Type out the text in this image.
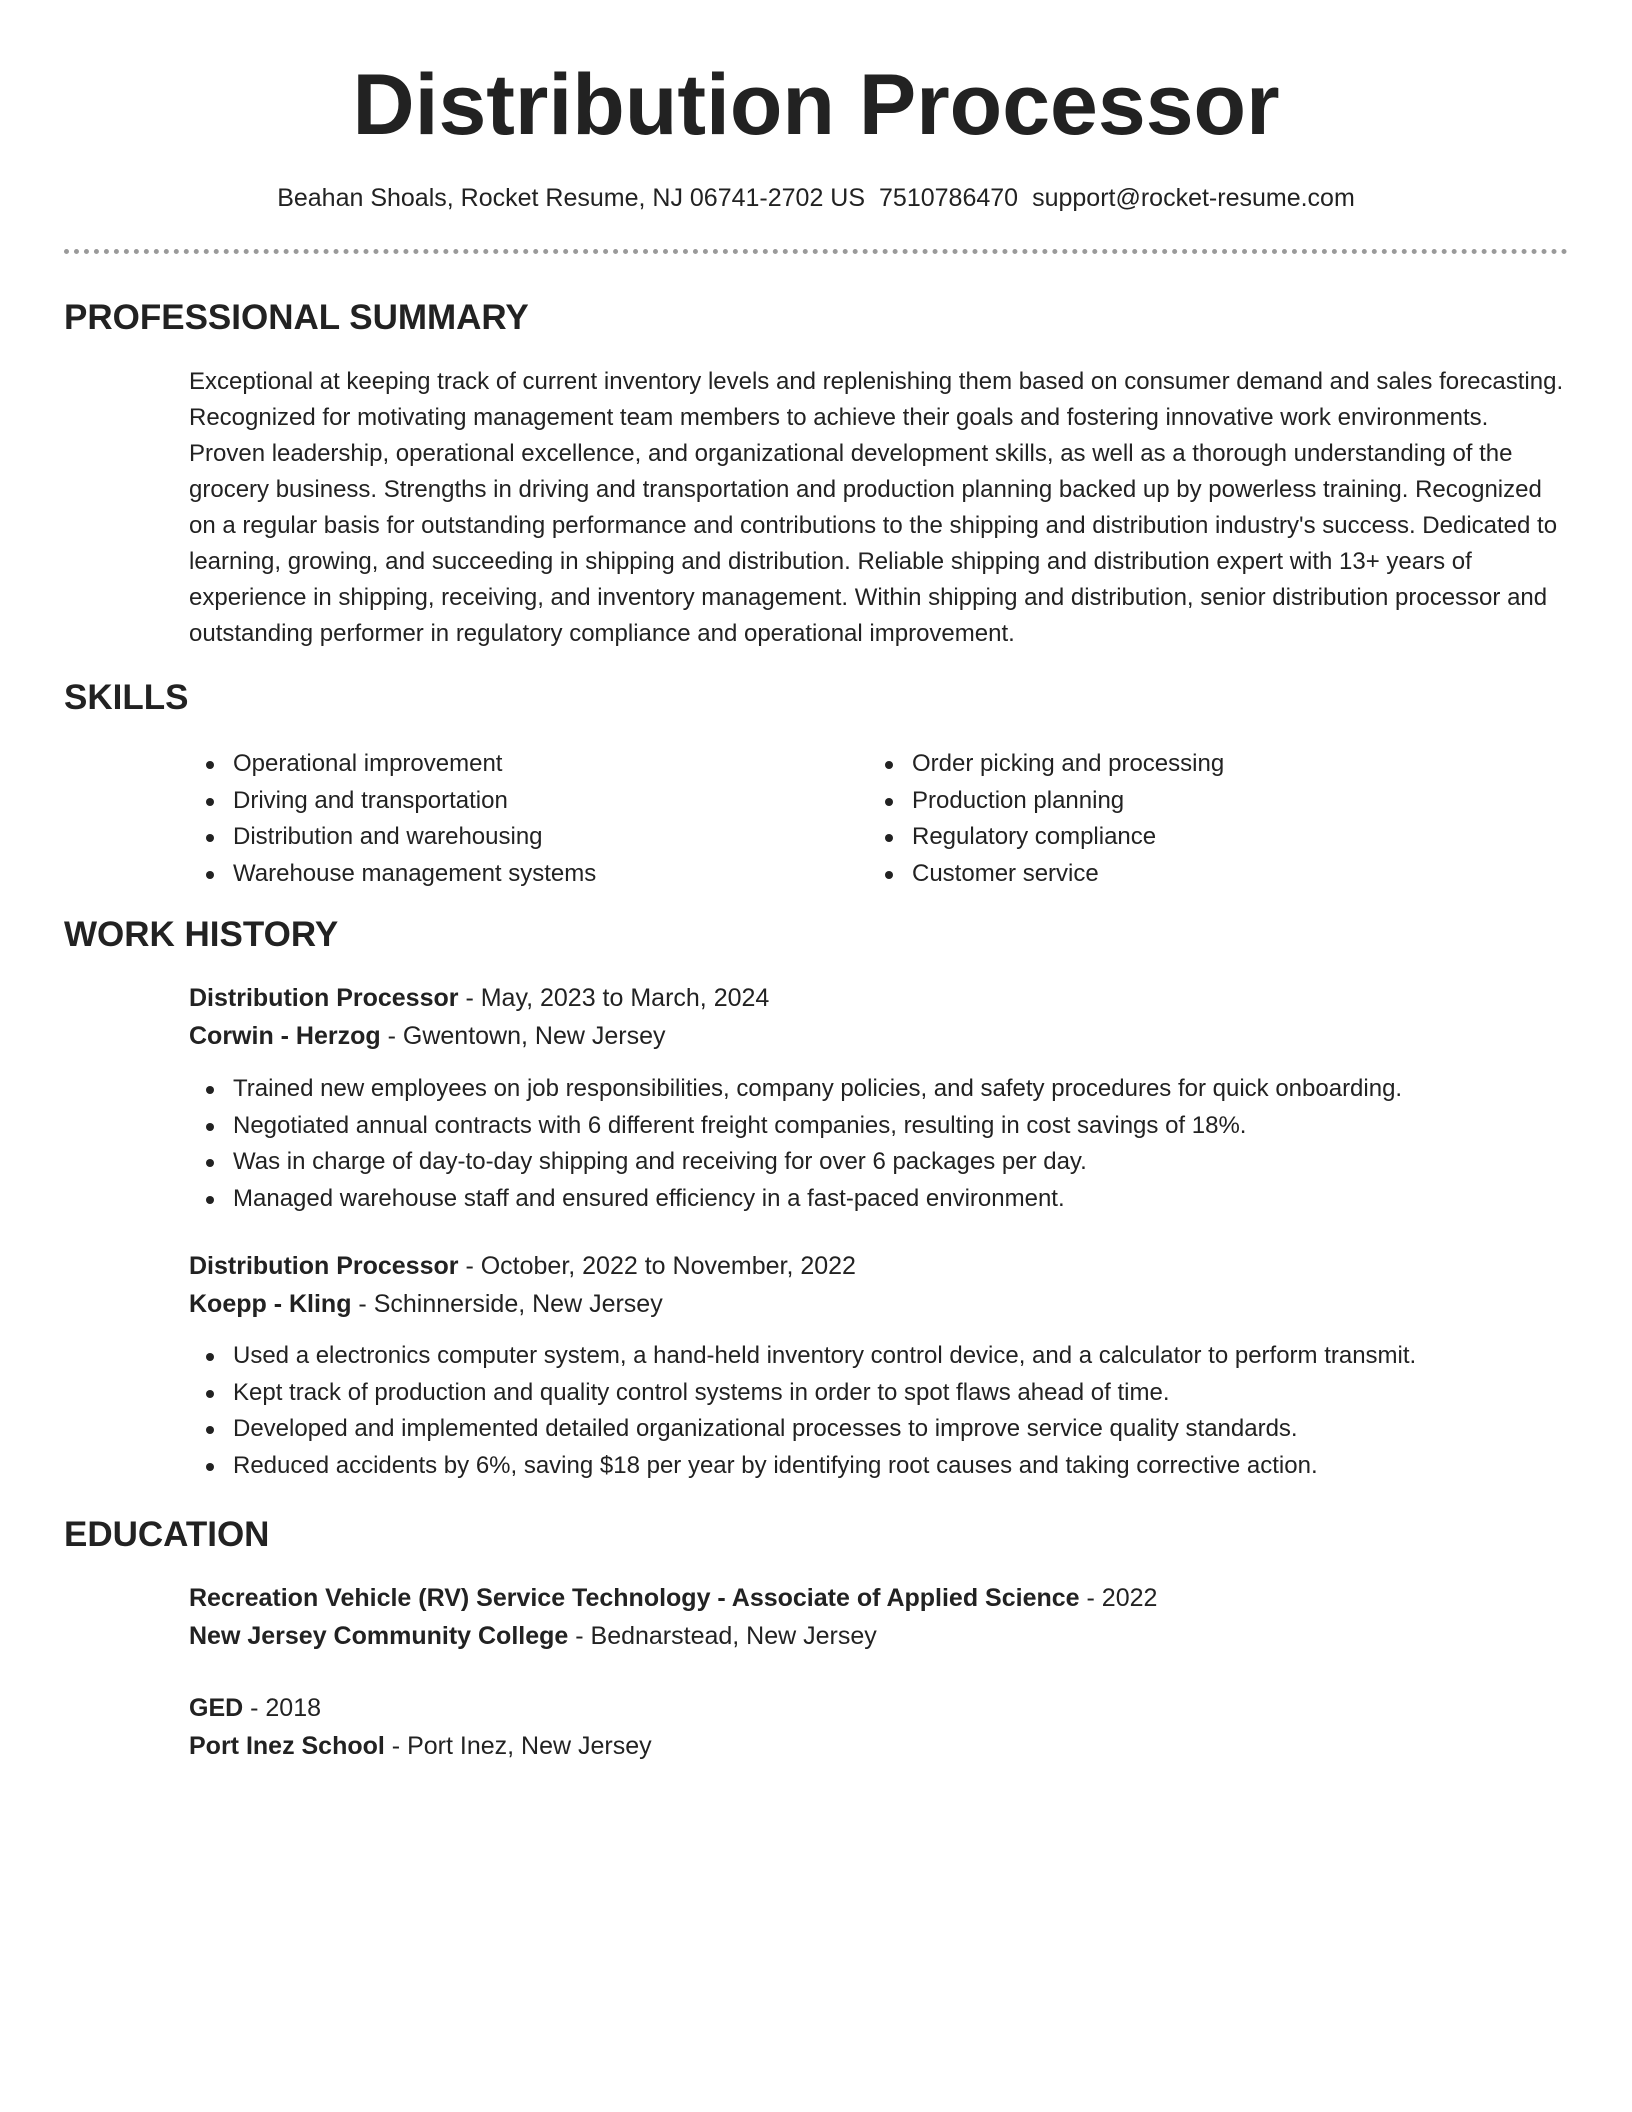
Distribution Processor
Beahan Shoals, Rocket Resume, NJ 06741-2702 US 7510786470 support@rocket-resume.com
PROFESSIONAL SUMMARY

Exceptional at keeping track of current inventory levels and replenishing them based on consumer demand and sales forecasting. Recognized for motivating management team members to achieve their goals and fostering innovative work environments. Proven leadership, operational excellence, and organizational development skills, as well as a thorough understanding of the grocery business. Strengths in driving and transportation and production planning backed up by powerless training. Recognized on a regular basis for outstanding performance and contributions to the shipping and distribution industry's success. Dedicated to learning, growing, and succeeding in shipping and distribution. Reliable shipping and distribution expert with 13+ years of experience in shipping, receiving, and inventory management. Within shipping and distribution, senior distribution processor and outstanding performer in regulatory compliance and operational improvement.

SKILLS
Operational improvement
Driving and transportation
Distribution and warehousing
Warehouse management systems
Order picking and processing
Production planning
Regulatory compliance
Customer service
WORK HISTORY
Distribution Processor - May, 2023 to March, 2024
Corwin - Herzog - Gwentown, New Jersey
Trained new employees on job responsibilities, company policies, and safety procedures for quick onboarding.
Negotiated annual contracts with 6 different freight companies, resulting in cost savings of 18%.
Was in charge of day-to-day shipping and receiving for over 6 packages per day.
Managed warehouse staff and ensured efficiency in a fast-paced environment.
Distribution Processor - October, 2022 to November, 2022
Koepp - Kling - Schinnerside, New Jersey
Used a electronics computer system, a hand-held inventory control device, and a calculator to perform transmit.
Kept track of production and quality control systems in order to spot flaws ahead of time.
Developed and implemented detailed organizational processes to improve service quality standards.
Reduced accidents by 6%, saving $18 per year by identifying root causes and taking corrective action.
EDUCATION
Recreation Vehicle (RV) Service Technology - Associate of Applied Science - 2022
New Jersey Community College - Bednarstead, New Jersey
GED - 2018
Port Inez School - Port Inez, New Jersey
